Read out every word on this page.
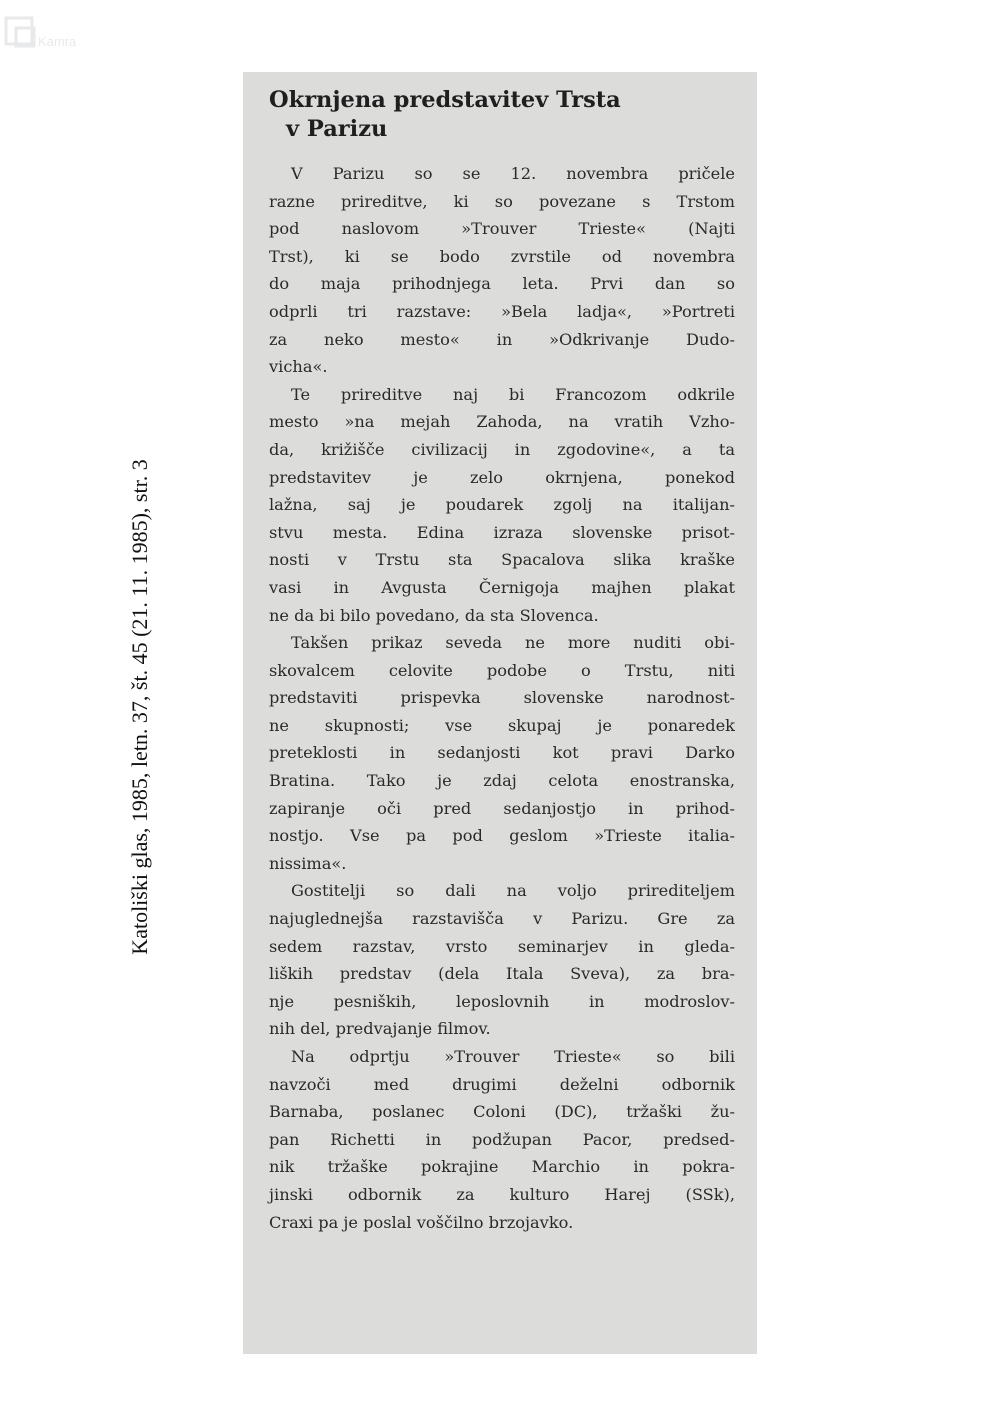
Kamra
Katoliški glas, 1985, letn. 37, št. 45 (21. 11. 1985), str. 3
Okrnjena predstavitev Trsta
v Parizu
V Parizu so se 12. novembra pričele
razne prireditve, ki so povezane s Trstom
pod naslovom »Trouver Trieste« (Najti
Trst), ki se bodo zvrstile od novembra
do maja prihodnjega leta. Prvi dan so
odprli tri razstave: »Bela ladja«, »Portreti
za neko mesto« in »Odkrivanje Dudo-
vicha«.
Te prireditve naj bi Francozom odkrile
mesto »na mejah Zahoda, na vratih Vzho-
da, križišče civilizacij in zgodovine«, a ta
predstavitev je zelo okrnjena, ponekod
lažna, saj je poudarek zgolj na italijan-
stvu mesta. Edina izraza slovenske prisot-
nosti v Trstu sta Spacalova slika kraške
vasi in Avgusta Černigoja majhen plakat
ne da bi bilo povedano, da sta Slovenca.
Takšen prikaz seveda ne more nuditi obi-
skovalcem celovite podobe o Trstu, niti
predstaviti prispevka slovenske narodnost-
ne skupnosti; vse skupaj je ponaredek
preteklosti in sedanjosti kot pravi Darko
Bratina. Tako je zdaj celota enostranska,
zapiranje oči pred sedanjostjo in prihod-
nostjo. Vse pa pod geslom »Trieste italia-
nissima«.
Gostitelji so dali na voljo prirediteljem
najuglednejša razstavišča v Parizu. Gre za
sedem razstav, vrsto seminarjev in gleda-
liških predstav (dela Itala Sveva), za bra-
nje pesniških, leposlovnih in modroslov-
nih del, predvajanje filmov.
Na odprtju »Trouver Trieste« so bili
navzoči med drugimi deželni odbornik
Barnaba, poslanec Coloni (DC), tržaški žu-
pan Richetti in podžupan Pacor, predsed-
nik tržaške pokrajine Marchio in pokra-
jinski odbornik za kulturo Harej (SSk),
Craxi pa je poslal voščilno brzojavko.
